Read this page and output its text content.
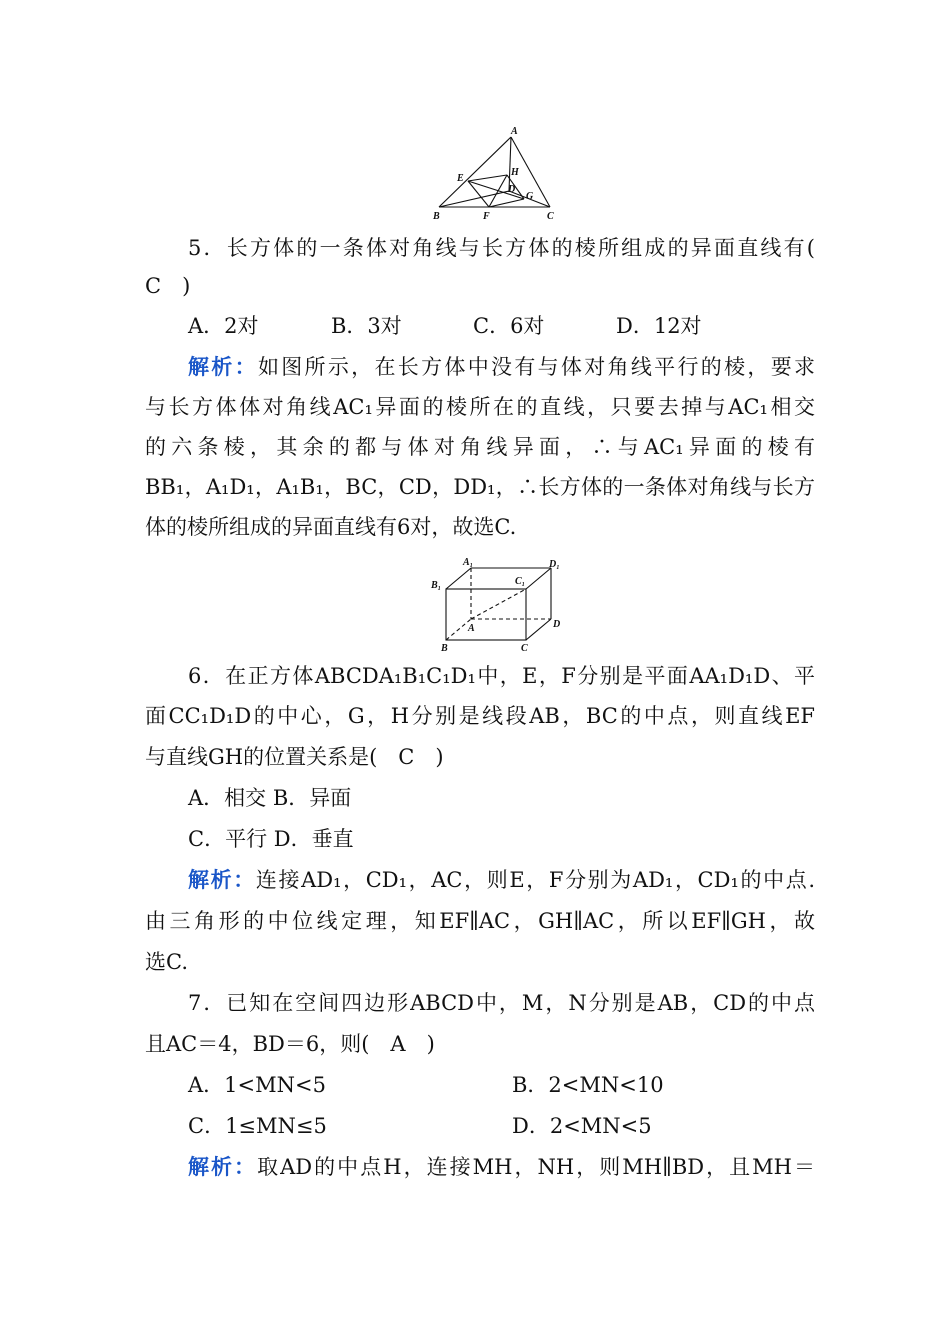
A
E
H
D
G
B	F	C
5．长方体的一条体对角线与长方体的棱所组成的异面直线有(
C　)
A．2对	B．3对	C．6对	D．12对
解析：如图所示，在长方体中没有与体对角线平行的棱，要求
与长方体体对角线AC₁异面的棱所在的直线，只要去掉与AC₁相交
的六条棱，其余的都与体对角线异面，∴与AC₁异面的棱有
BB₁，A₁D₁，A₁B₁，BC，CD，DD₁，∴长方体的一条体对角线与长方
体的棱所组成的异面直线有6对，故选C.
A₁	D₁
B₁	C₁
A	D
B	C
6．在正方体ABCDA₁B₁C₁D₁中，E，F分别是平面AA₁D₁D、平
面CC₁D₁D的中心，G，H分别是线段AB，BC的中点，则直线EF
与直线GH的位置关系是(　C　)
A．相交 B．异面
C．平行 D．垂直
解析：连接AD₁，CD₁，AC，则E，F分别为AD₁，CD₁的中点.
由三角形的中位线定理，知EF∥AC，GH∥AC，所以EF∥GH，故
选C.
7．已知在空间四边形ABCD中，M，N分别是AB，CD的中点
且AC＝4，BD＝6，则(　A　)
A．1<MN<5	B．2<MN<10
C．1≤MN≤5	D．2<MN<5
解析：取AD的中点H，连接MH，NH，则MH∥BD，且MH＝
